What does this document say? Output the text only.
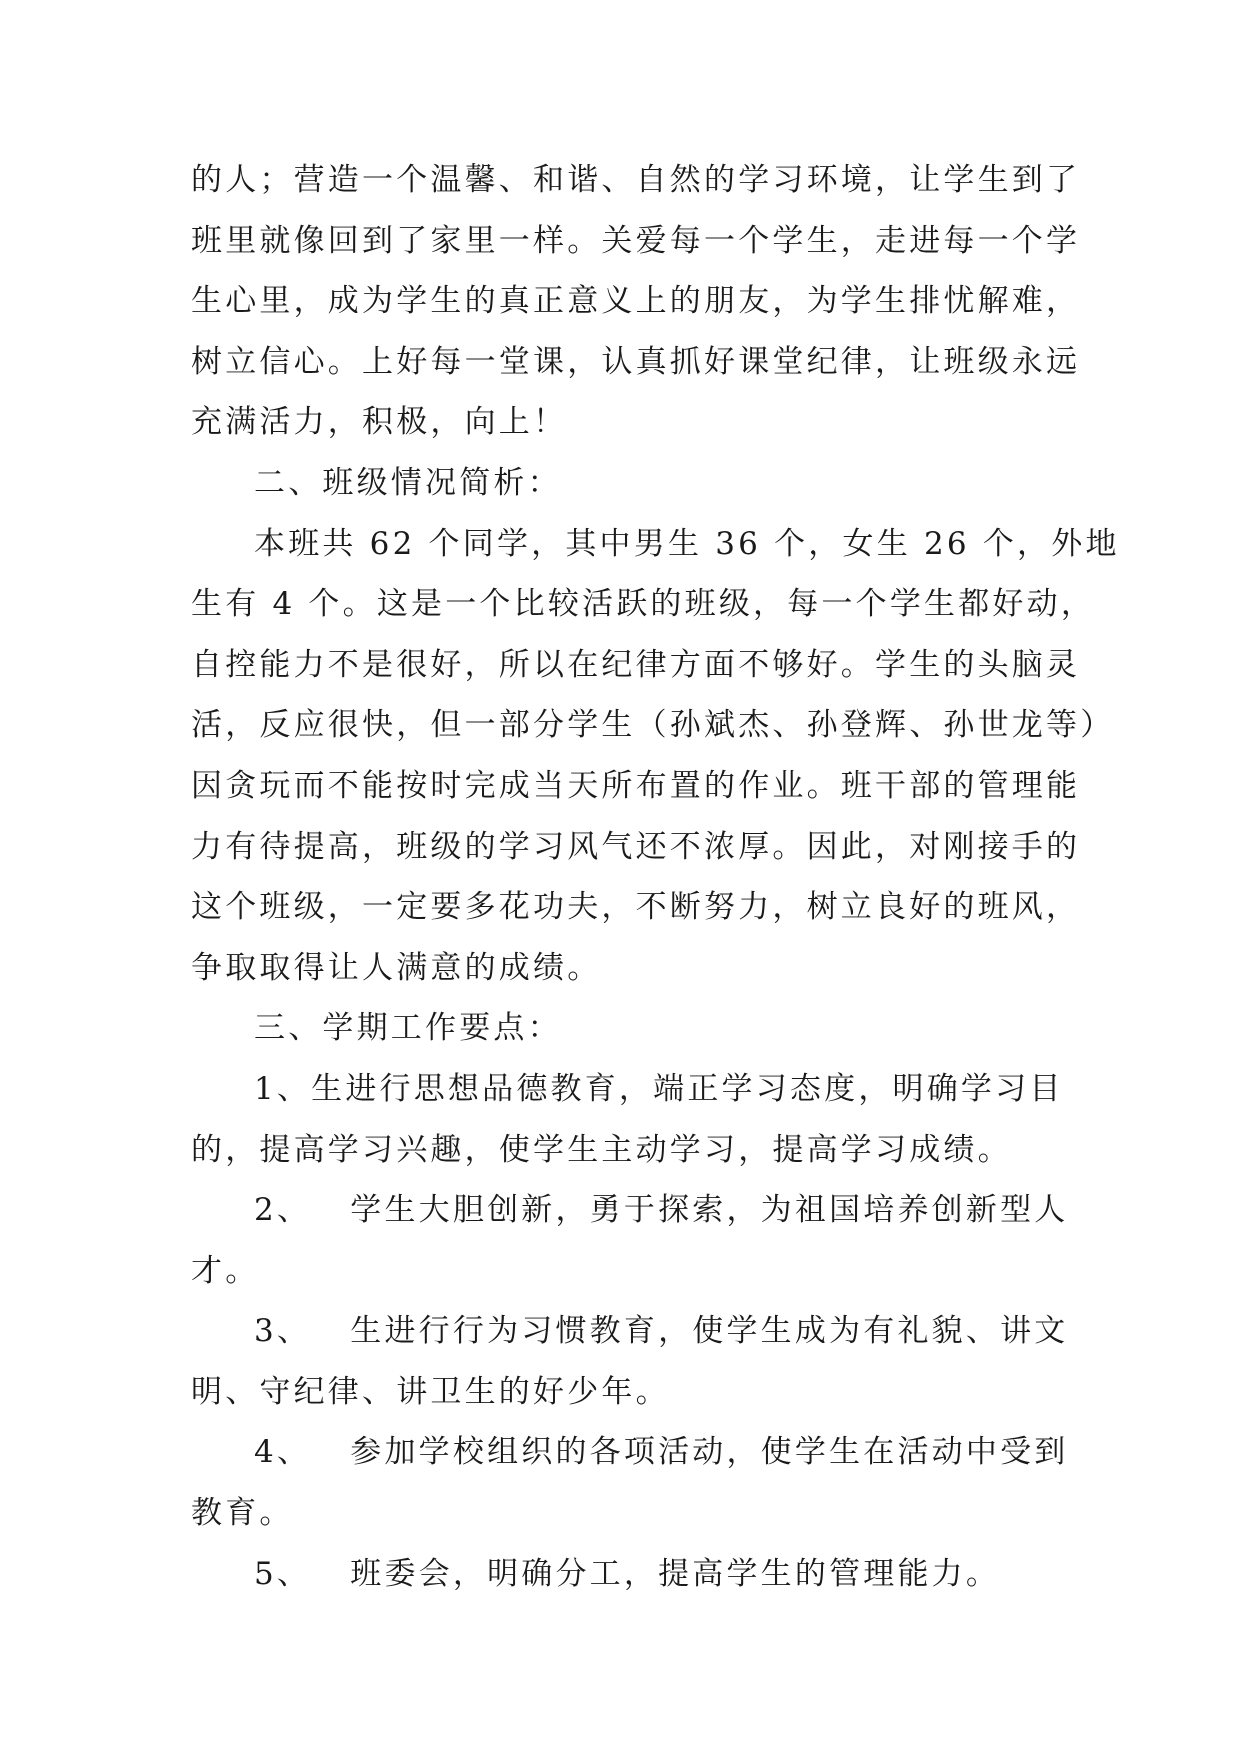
的人；营造一个温馨、和谐、自然的学习环境，让学生到了
班里就像回到了家里一样。关爱每一个学生，走进每一个学
生心里，成为学生的真正意义上的朋友，为学生排忧解难，
树立信心。上好每一堂课，认真抓好课堂纪律，让班级永远
充满活力，积极，向上！
二、班级情况简析：
本班共 62 个同学，其中男生 36 个，女生 26 个，外地
生有 4 个。这是一个比较活跃的班级，每一个学生都好动，
自控能力不是很好，所以在纪律方面不够好。学生的头脑灵
活，反应很快，但一部分学生（孙斌杰、孙登辉、孙世龙等）
因贪玩而不能按时完成当天所布置的作业。班干部的管理能
力有待提高，班级的学习风气还不浓厚。因此，对刚接手的
这个班级，一定要多花功夫，不断努力，树立良好的班风，
争取取得让人满意的成绩。
三、学期工作要点：
1、生进行思想品德教育，端正学习态度，明确学习目
的，提高学习兴趣，使学生主动学习，提高学习成绩。
2、   学生大胆创新，勇于探索，为祖国培养创新型人
才。
3、   生进行行为习惯教育，使学生成为有礼貌、讲文
明、守纪律、讲卫生的好少年。
4、   参加学校组织的各项活动，使学生在活动中受到
教育。
5、   班委会，明确分工，提高学生的管理能力。
